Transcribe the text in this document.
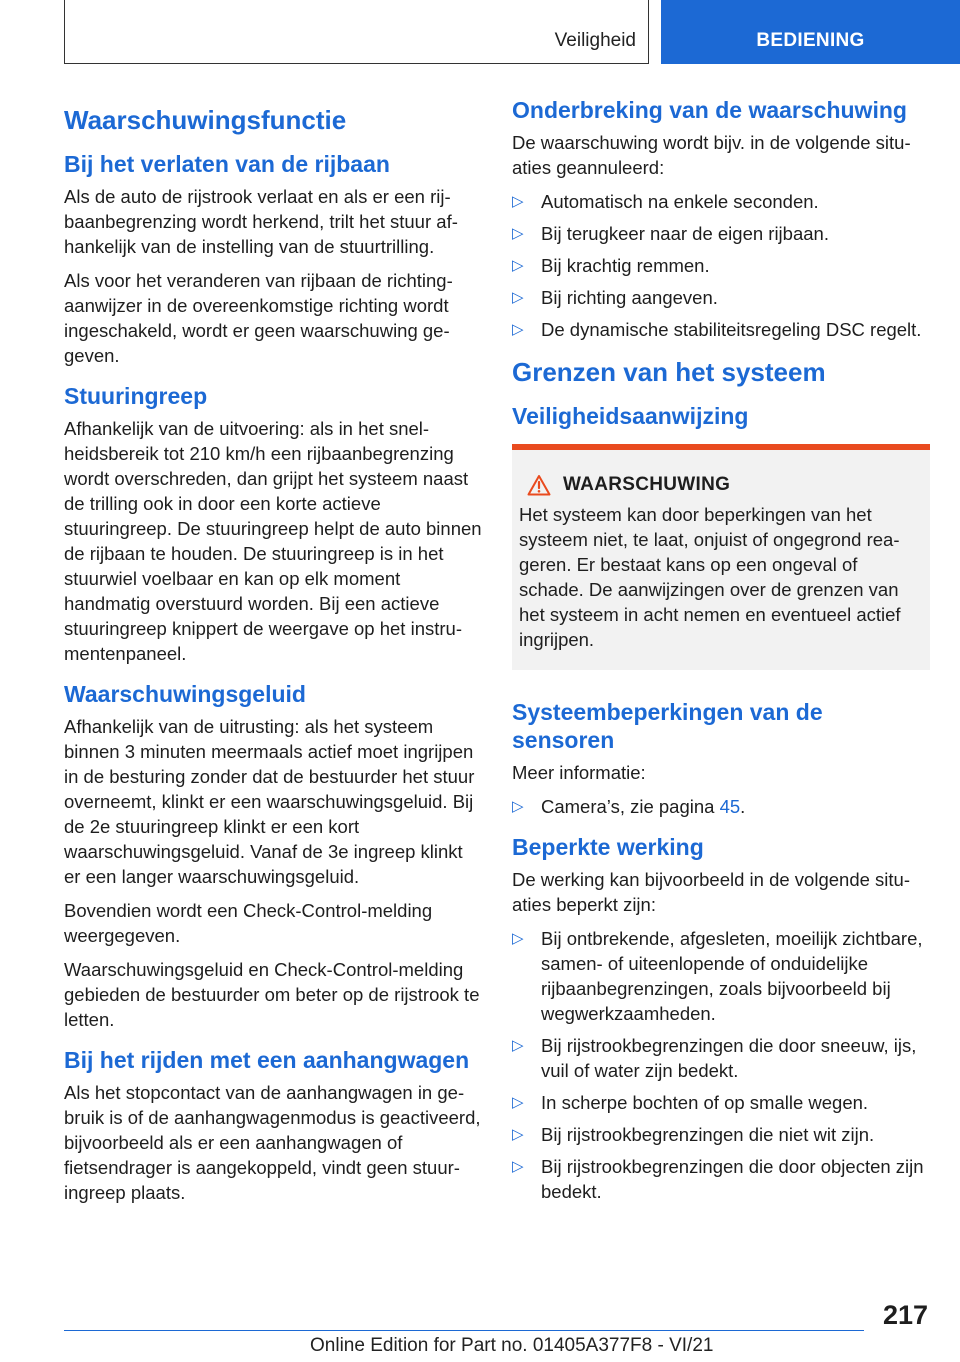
Veiligheid	BEDIENING
Waarschuwingsfunctie
Bij het verlaten van de rijbaan

Als de auto de rijstrook verlaat en als er een rijbaanbegrenzing wordt herkend, trilt het stuur afhankelijk van de instelling van de stuurtrilling.

Als voor het veranderen van rijbaan de richtingaanwijzer in de overeenkomstige richting wordt ingeschakeld, wordt er geen waarschuwing gegeven.

Stuuringreep

Afhankelijk van de uitvoering: als in het snelheidsbereik tot 210 km/h een rijbaanbegrenzing wordt overschreden, dan grijpt het systeem naast de trilling ook in door een korte actieve stuuringreep. De stuuringreep helpt de auto binnen de rijbaan te houden. De stuuringreep is in het stuurwiel voelbaar en kan op elk moment handmatig overstuurd worden. Bij een actieve stuuringreep knippert de weergave op het instrumentenpaneel.

Waarschuwingsgeluid

Afhankelijk van de uitrusting: als het systeem binnen 3 minuten meermaals actief moet ingrijpen in de besturing zonder dat de bestuurder het stuur overneemt, klinkt er een waarschuwingsgeluid. Bij de 2e stuuringreep klinkt er een kort waarschuwingsgeluid. Vanaf de 3e ingreep klinkt er een langer waarschuwingsgeluid.

Bovendien wordt een Check-Control-melding weergegeven.

Waarschuwingsgeluid en Check-Control-melding gebieden de bestuurder om beter op de rijstrook te letten.

Bij het rijden met een aanhangwagen

Als het stopcontact van de aanhangwagen in gebruik is of de aanhangwagenmodus is geactiveerd, bijvoorbeeld als er een aanhangwagen of fietsendrager is aangekoppeld, vindt geen stuuringreep plaats.

Onderbreking van de waarschuwing

De waarschuwing wordt bijv. in de volgende situaties geannuleerd:

▷ Automatisch na enkele seconden.
▷ Bij terugkeer naar de eigen rijbaan.
▷ Bij krachtig remmen.
▷ Bij richting aangeven.
▷ De dynamische stabiliteitsregeling DSC regelt.
Grenzen van het systeem
Veiligheidsaanwijzing
WAARSCHUWING

Het systeem kan door beperkingen van het systeem niet, te laat, onjuist of ongegrond reageren. Er bestaat kans op een ongeval of schade. De aanwijzingen over de grenzen van het systeem in acht nemen en eventueel actief ingrijpen.

Systeembeperkingen van de sensoren

Meer informatie:

▷ Camera’s, zie pagina 45.
Beperkte werking

De werking kan bijvoorbeeld in de volgende situaties beperkt zijn:

▷ Bij ontbrekende, afgesleten, moeilijk zichtbare, samen- of uiteenlopende of onduidelijke rijbaanbegrenzingen, zoals bijvoorbeeld bij wegwerkzaamheden.
▷ Bij rijstrookbegrenzingen die door sneeuw, ijs, vuil of water zijn bedekt.
▷ In scherpe bochten of op smalle wegen.
▷ Bij rijstrookbegrenzingen die niet wit zijn.
▷ Bij rijstrookbegrenzingen die door objecten zijn bedekt.
217
Online Edition for Part no. 01405A377F8 - VI/21
